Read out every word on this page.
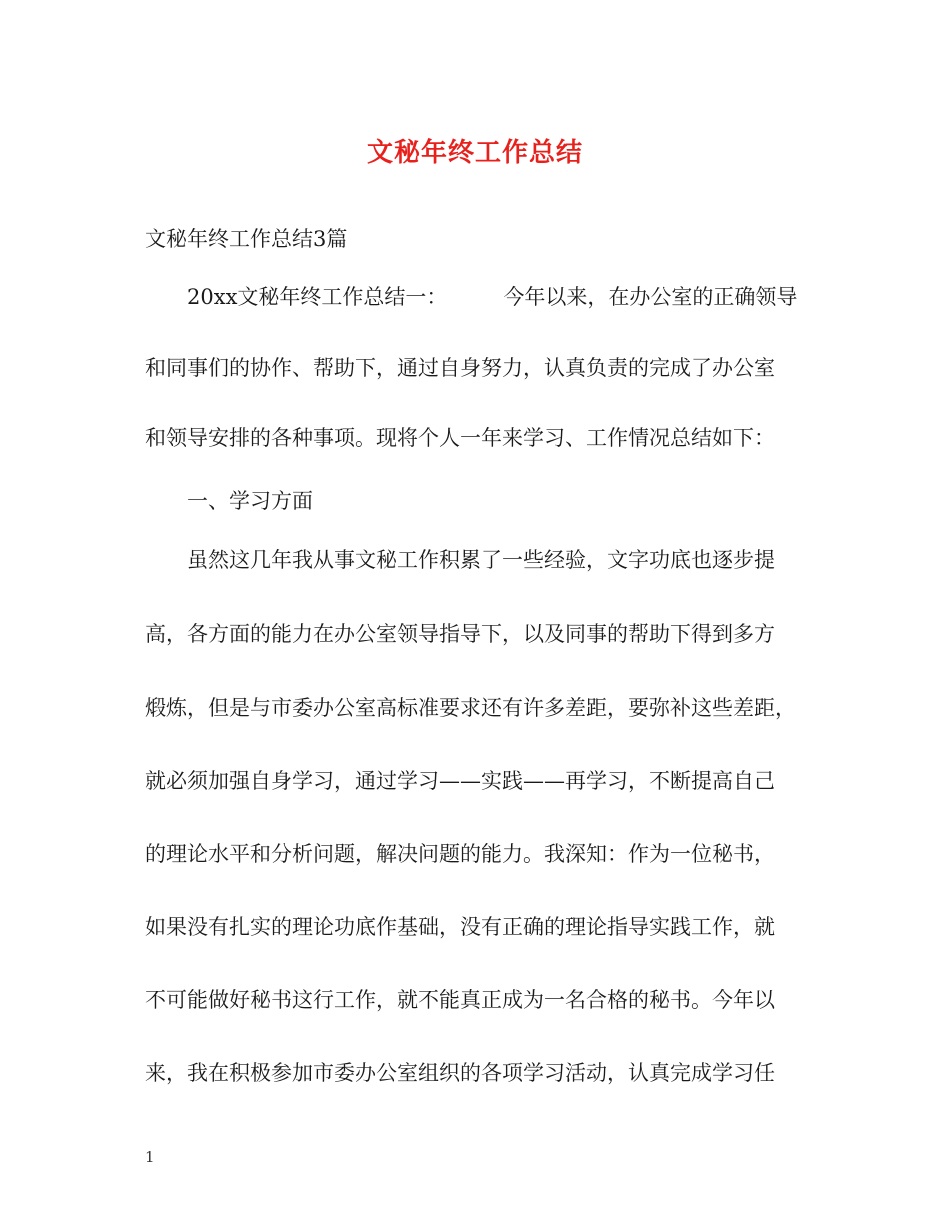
文秘年终工作总结
文秘年终工作总结3篇
20xx文秘年终工作总结一：	今年以来，在办公室的正确领导
和同事们的协作、帮助下，通过自身努力，认真负责的完成了办公室
和领导安排的各种事项。现将个人一年来学习、工作情况总结如下：
一、学习方面
虽然这几年我从事文秘工作积累了一些经验，文字功底也逐步提
高，各方面的能力在办公室领导指导下，以及同事的帮助下得到多方
煅炼，但是与市委办公室高标准要求还有许多差距，要弥补这些差距，
就必须加强自身学习，通过学习——实践——再学习，不断提高自己
的理论水平和分析问题，解决问题的能力。我深知：作为一位秘书，
如果没有扎实的理论功底作基础，没有正确的理论指导实践工作，就
不可能做好秘书这行工作，就不能真正成为一名合格的秘书。今年以
来，我在积极参加市委办公室组织的各项学习活动，认真完成学习任
1
